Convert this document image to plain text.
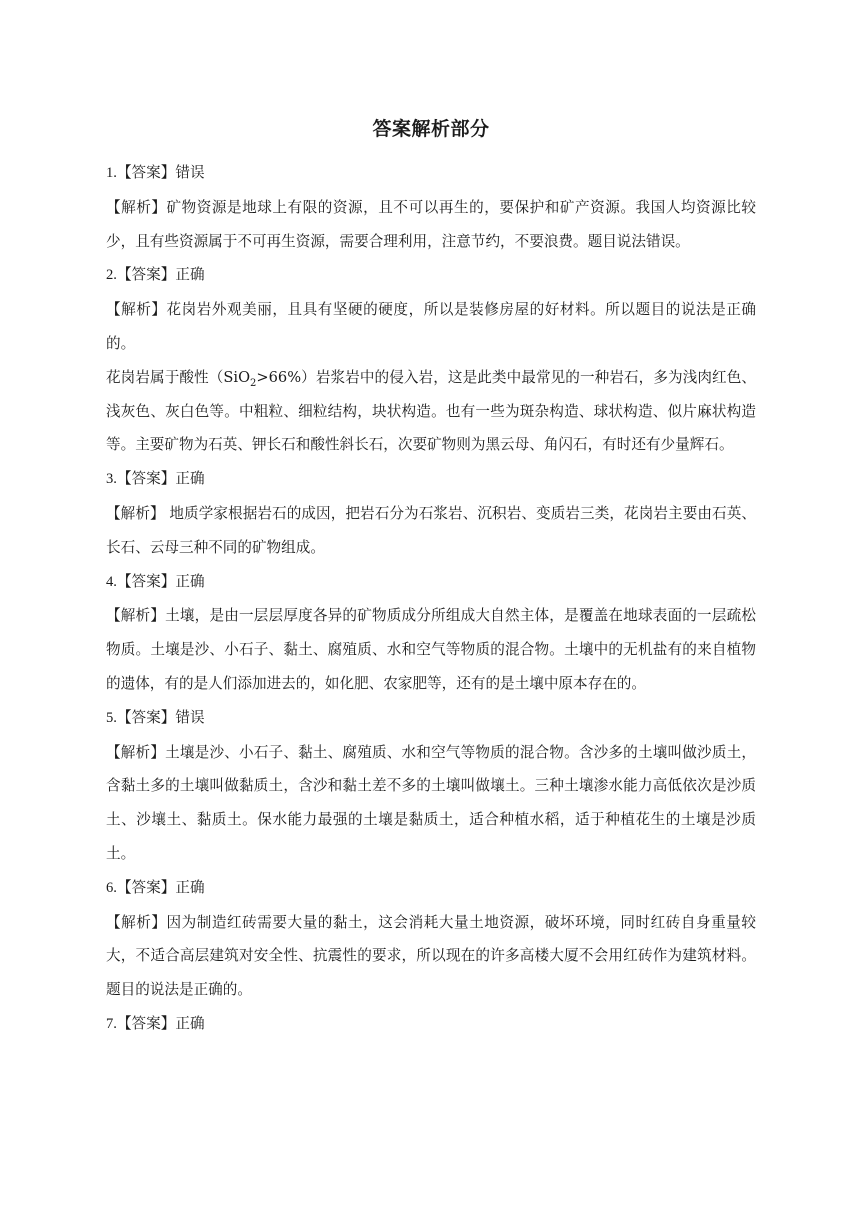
答案解析部分

1.【答案】错误

【解析】矿物资源是地球上有限的资源，且不可以再生的，要保护和矿产资源。我国人均资源比较少，且有些资源属于不可再生资源，需要合理利用，注意节约，不要浪费。题目说法错误。

2.【答案】正确

【解析】花岗岩外观美丽，且具有坚硬的硬度，所以是装修房屋的好材料。所以题目的说法是正确的。

花岗岩属于酸性（SiO$_2$>66%）岩浆岩中的侵入岩，这是此类中最常见的一种岩石，多为浅肉红色、浅灰色、灰白色等。中粗粒、细粒结构，块状构造。也有一些为斑杂构造、球状构造、似片麻状构造等。主要矿物为石英、钾长石和酸性斜长石，次要矿物则为黑云母、角闪石，有时还有少量辉石。

3.【答案】正确

【解析】 地质学家根据岩石的成因，把岩石分为石浆岩、沉积岩、变质岩三类，花岗岩主要由石英、长石、云母三种不同的矿物组成。

4.【答案】正确

【解析】土壤，是由一层层厚度各异的矿物质成分所组成大自然主体，是覆盖在地球表面的一层疏松物质。土壤是沙、小石子、黏土、腐殖质、水和空气等物质的混合物。土壤中的无机盐有的来自植物的遗体，有的是人们添加进去的，如化肥、农家肥等，还有的是土壤中原本存在的。

5.【答案】错误

【解析】土壤是沙、小石子、黏土、腐殖质、水和空气等物质的混合物。含沙多的土壤叫做沙质土，含黏土多的土壤叫做黏质土，含沙和黏土差不多的土壤叫做壤土。三种土壤渗水能力高低依次是沙质土、沙壤土、黏质土。保水能力最强的土壤是黏质土，适合种植水稻，适于种植花生的土壤是沙质土。

6.【答案】正确

【解析】因为制造红砖需要大量的黏土，这会消耗大量土地资源，破坏环境，同时红砖自身重量较大，不适合高层建筑对安全性、抗震性的要求，所以现在的许多高楼大厦不会用红砖作为建筑材料。题目的说法是正确的。

7.【答案】正确
